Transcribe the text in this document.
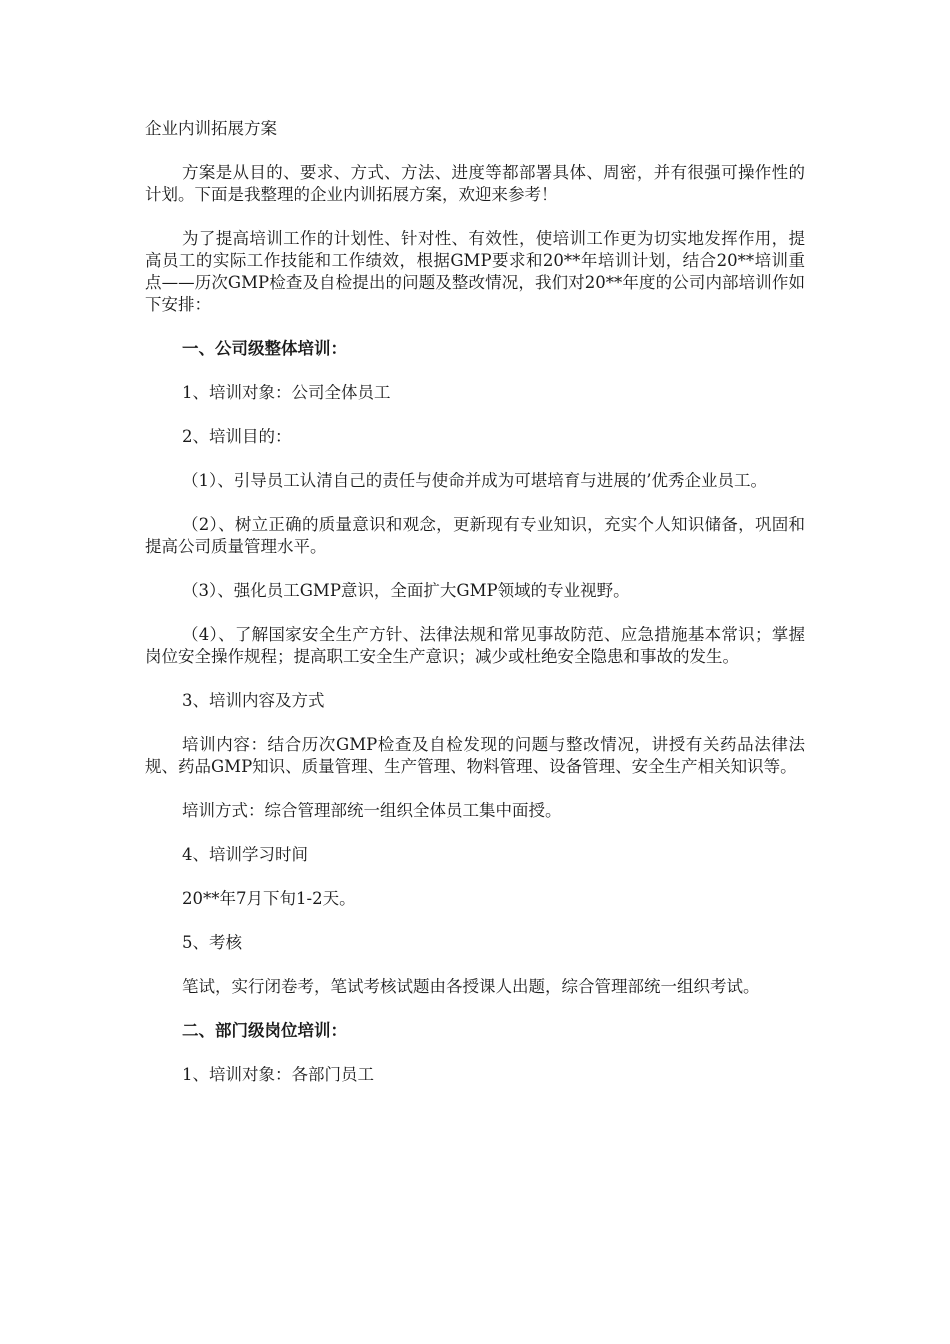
企业内训拓展方案

方案是从目的、要求、方式、方法、进度等都部署具体、周密，并有很强可操作性的计划。下面是我整理的企业内训拓展方案，欢迎来参考！

为了提高培训工作的计划性、针对性、有效性，使培训工作更为切实地发挥作用，提高员工的实际工作技能和工作绩效，根据GMP要求和20**年培训计划，结合20**培训重点——历次GMP检查及自检提出的问题及整改情况，我们对20**年度的公司内部培训作如下安排：

一、公司级整体培训：

1、培训对象：公司全体员工

2、培训目的：

（1）、引导员工认清自己的责任与使命并成为可堪培育与进展的’优秀企业员工。

（2）、树立正确的质量意识和观念，更新现有专业知识，充实个人知识储备，巩固和提高公司质量管理水平。

（3）、强化员工GMP意识，全面扩大GMP领域的专业视野。

（4）、了解国家安全生产方针、法律法规和常见事故防范、应急措施基本常识；掌握岗位安全操作规程；提高职工安全生产意识；减少或杜绝安全隐患和事故的发生。

3、培训内容及方式

培训内容：结合历次GMP检查及自检发现的问题与整改情况，讲授有关药品法律法规、药品GMP知识、质量管理、生产管理、物料管理、设备管理、安全生产相关知识等。

培训方式：综合管理部统一组织全体员工集中面授。

4、培训学习时间

20**年7月下旬1-2天。

5、考核

笔试，实行闭卷考，笔试考核试题由各授课人出题，综合管理部统一组织考试。

二、部门级岗位培训：

1、培训对象：各部门员工
